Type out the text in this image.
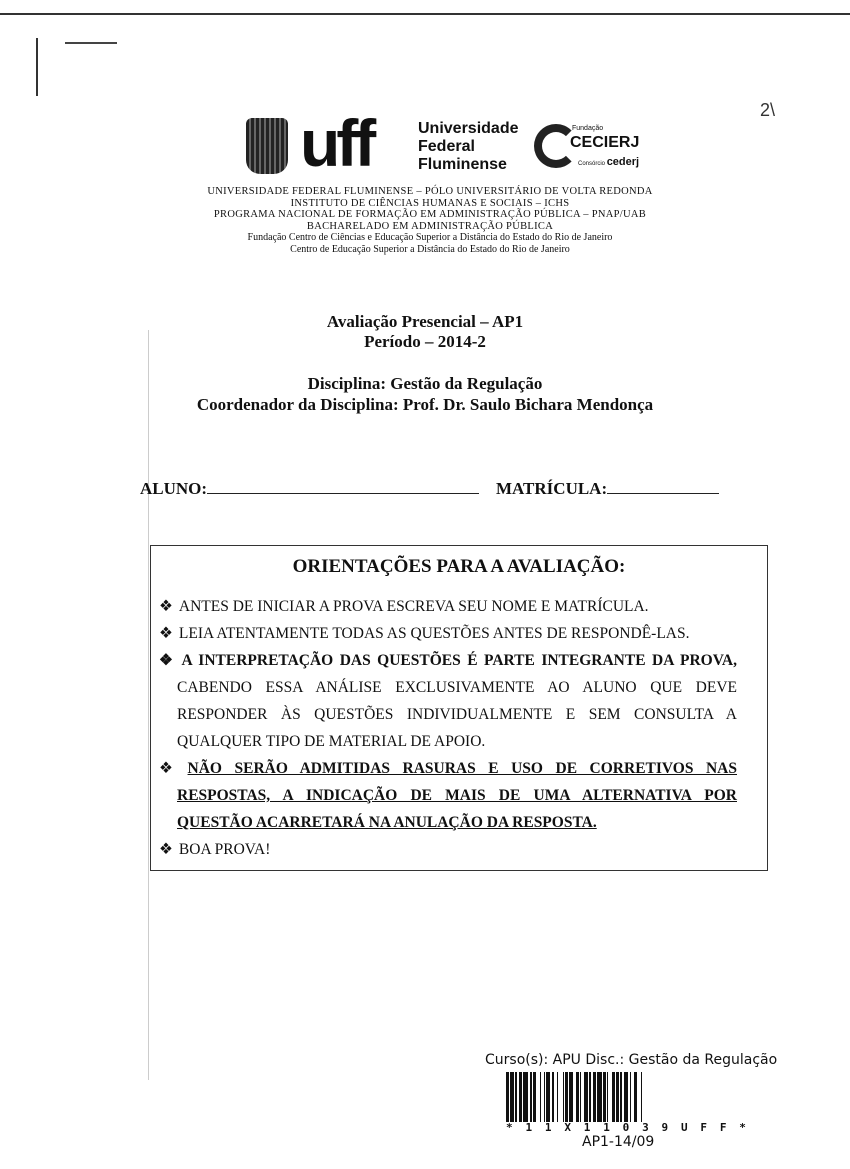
2\
uff	Universidade
Federal
Fluminense
Fundação
CECIERJ
Consórcio cederj
UNIVERSIDADE FEDERAL FLUMINENSE – PÓLO UNIVERSITÁRIO DE VOLTA REDONDA
INSTITUTO DE CIÊNCIAS HUMANAS E SOCIAIS – ICHS
PROGRAMA NACIONAL DE FORMAÇÃO EM ADMINISTRAÇÃO PÚBLICA – PNAP/UAB
BACHARELADO EM ADMINISTRAÇÃO PÚBLICA
Fundação Centro de Ciências e Educação Superior a Distância do Estado do Rio de Janeiro
Centro de Educação Superior a Distância do Estado do Rio de Janeiro
Avaliação Presencial – AP1
Período – 2014-2
Disciplina: Gestão da Regulação
Coordenador da Disciplina: Prof. Dr. Saulo Bichara Mendonça
ALUNO:	MATRÍCULA:
ORIENTAÇÕES PARA A AVALIAÇÃO:
❖ ANTES DE INICIAR A PROVA ESCREVA SEU NOME E MATRÍCULA.
❖ LEIA ATENTAMENTE TODAS AS QUESTÕES ANTES DE RESPONDÊ-LAS.
❖ A INTERPRETAÇÃO DAS QUESTÕES É PARTE INTEGRANTE DA PROVA,
CABENDO ESSA ANÁLISE EXCLUSIVAMENTE AO ALUNO QUE DEVE
RESPONDER ÀS QUESTÕES INDIVIDUALMENTE E SEM CONSULTA A
QUALQUER TIPO DE MATERIAL DE APOIO.
❖ NÃO SERÃO ADMITIDAS RASURAS E USO DE CORRETIVOS NAS
RESPOSTAS, A INDICAÇÃO DE MAIS DE UMA ALTERNATIVA POR
QUESTÃO ACARRETARÁ NA ANULAÇÃO DA RESPOSTA.
❖ BOA PROVA!
Curso(s): APU Disc.: Gestão da Regulação
* 1 1 X 1 1 0 3 9 U F F *
AP1-14/09
